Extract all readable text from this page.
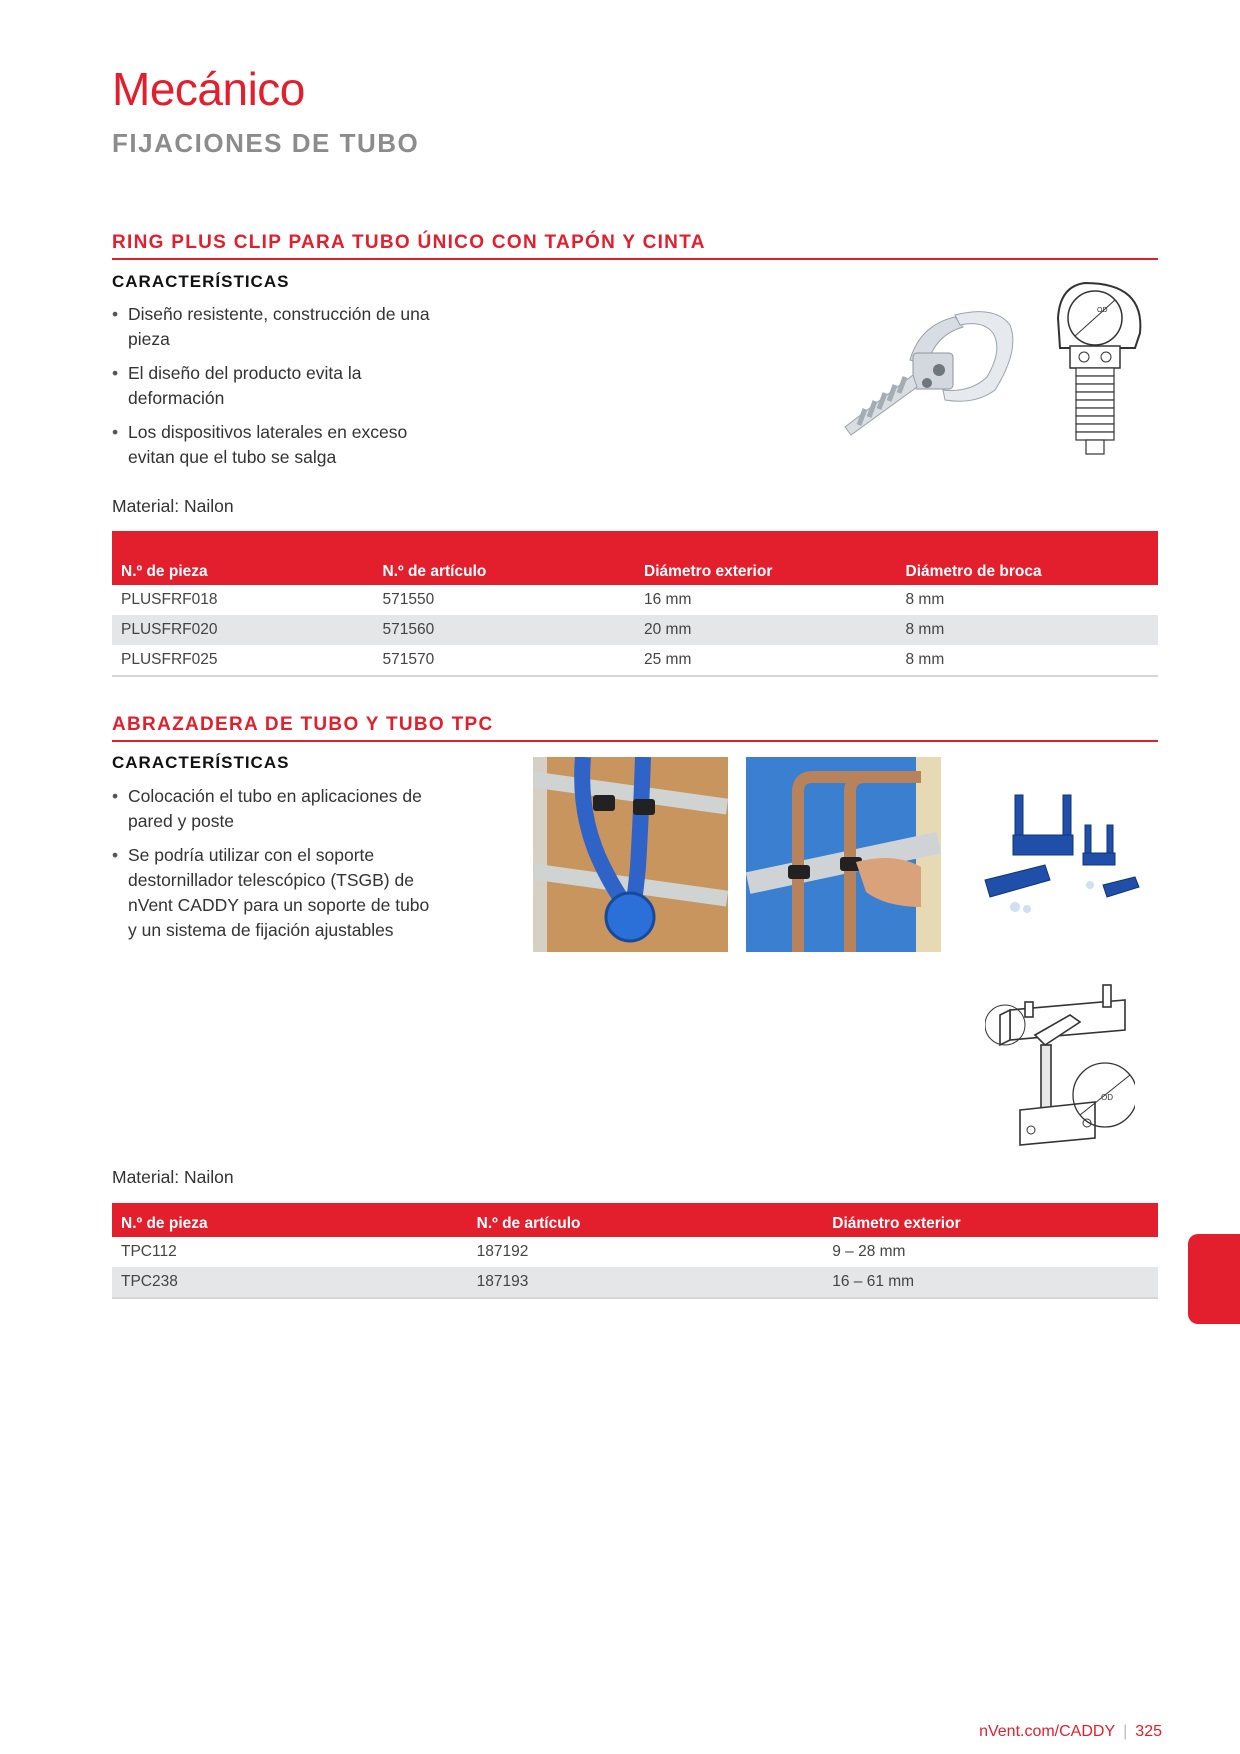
Mecánico
FIJACIONES DE TUBO
RING PLUS CLIP PARA TUBO ÚNICO CON TAPÓN Y CINTA
CARACTERÍSTICAS
• Diseño resistente, construcción de una pieza
• El diseño del producto evita la deformación
• Los dispositivos laterales en exceso evitan que el tubo se salga
OD
Material: Nailon
N.º de pieza	N.º de artículo	Diámetro exterior	Diámetro de broca
PLUSFRF018	571550	16 mm	8 mm
PLUSFRF020	571560	20 mm	8 mm
PLUSFRF025	571570	25 mm	8 mm
ABRAZADERA DE TUBO Y TUBO TPC
CARACTERÍSTICAS
• Colocación el tubo en aplicaciones de pared y poste
• Se podría utilizar con el soporte destornillador telescópico (TSGB) de nVent CADDY para un soporte de tubo y un sistema de fijación ajustables
OD
Material: Nailon
N.º de pieza	N.º de artículo	Diámetro exterior
TPC112	187192	9 – 28 mm
TPC238	187193	16 – 61 mm
nVent.com/CADDY | 325
